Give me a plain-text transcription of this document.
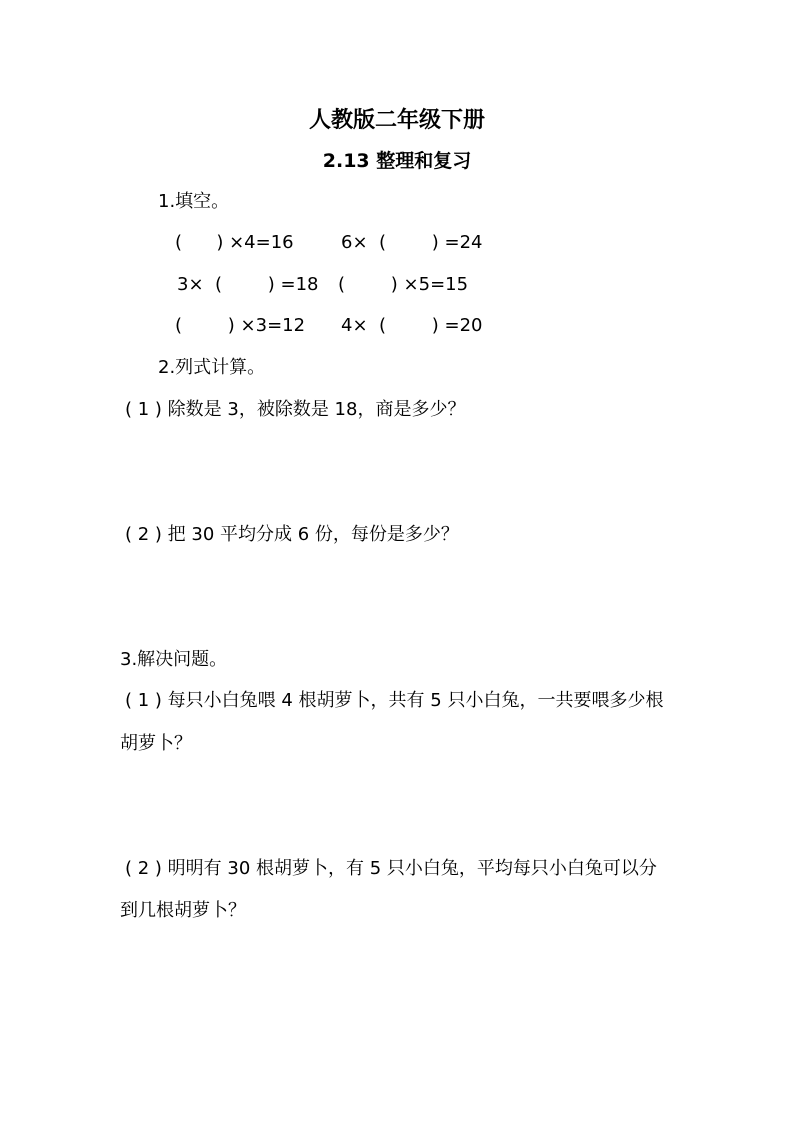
人教版二年级下册
2.13 整理和复习
1.填空。
(      ) ×4=16	6×  (        ) =24
3×  (        ) =18 (        ) ×5=15
(        ) ×3=12 4×  (        ) =20
2.列式计算。
( 1 ) 除数是 3，被除数是 18，商是多少？
( 2 ) 把 30 平均分成 6 份，每份是多少？
3.解决问题。
( 1 ) 每只小白兔喂 4 根胡萝卜，共有 5 只小白兔，一共要喂多少根
胡萝卜？
( 2 ) 明明有 30 根胡萝卜，有 5 只小白兔，平均每只小白兔可以分
到几根胡萝卜？
